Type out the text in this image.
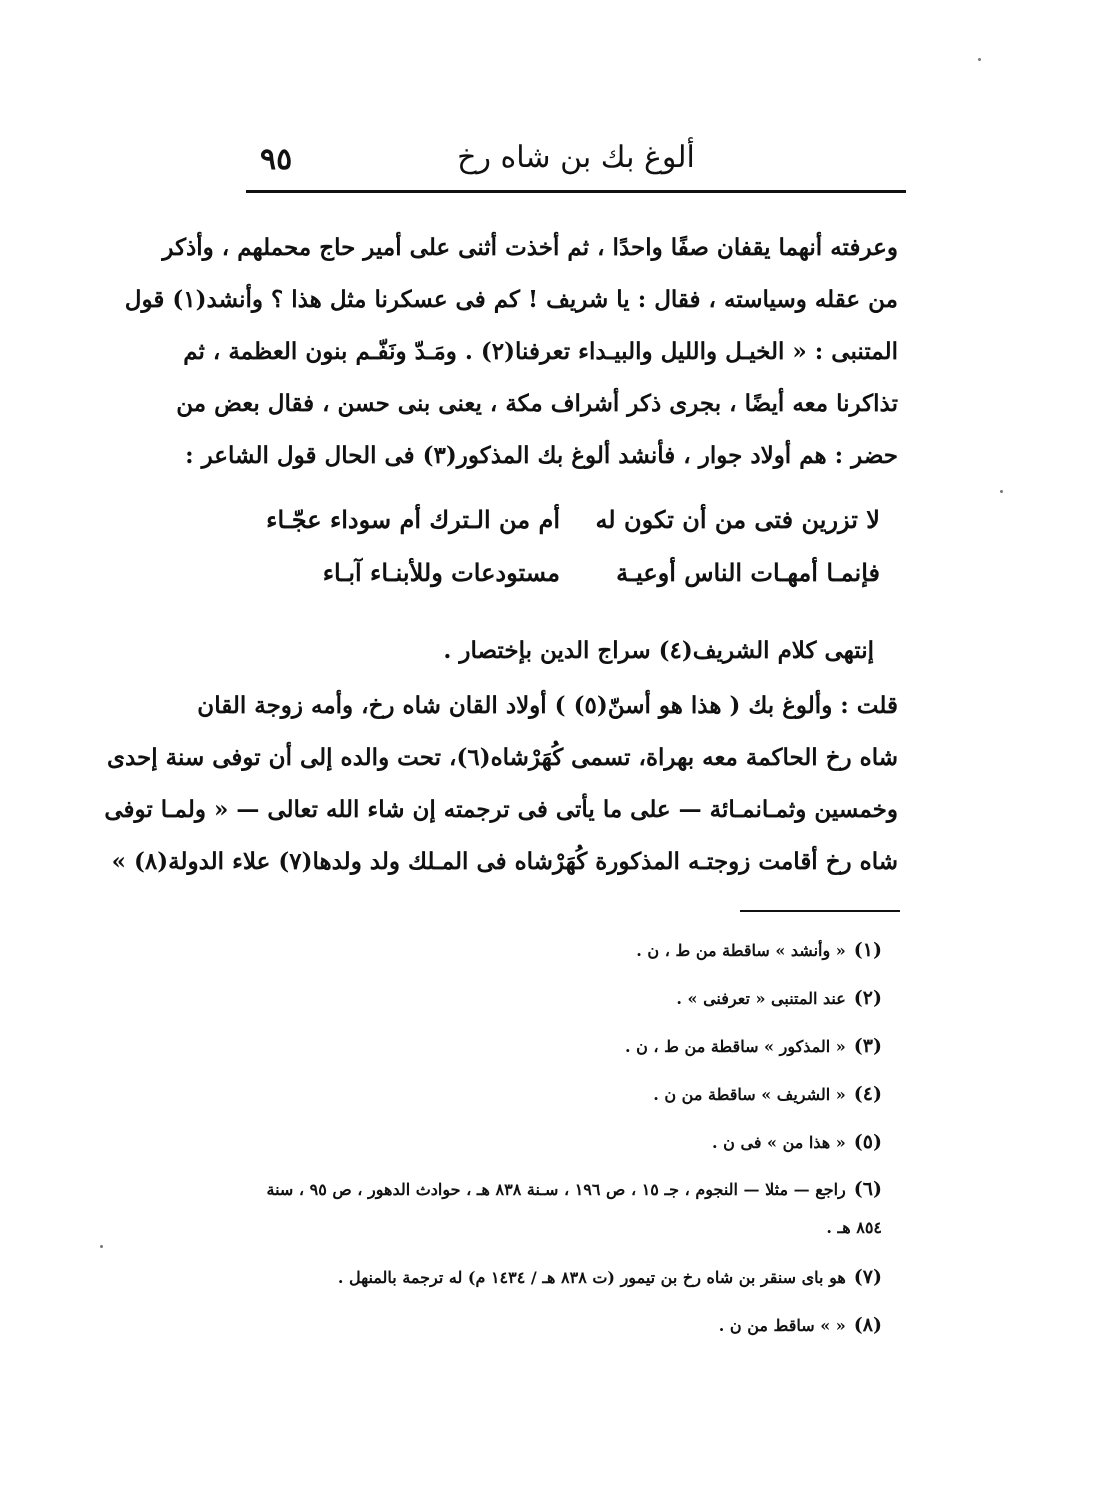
٩٥	ألوغ بك بن شاه رخ
وعرفته أنهما يقفان صفًا واحدًا ، ثم أخذت أثنى على أمير حاج محملهم ، وأذكر
من عقله وسياسته ، فقال : يا شريف ! كم فى عسكرنا مثل هذا ؟ وأنشد(١) قول
المتنبى : « الخيـل والليل والبيـداء تعرفنا(٢) . ومَـدّ ونَفّـم بنون العظمة ، ثم
تذاكرنا معه أيضًا ، بجرى ذكر أشراف مكة ، يعنى بنى حسن ، فقال بعض من
حضر : هم أولاد جوار ، فأنشد ألوغ بك المذكور(٣) فى الحال قول الشاعر :
لا تزرين فتى من أن تكون له
أم من الـترك أم سوداء عجّـاء
فإنمـا أمهـات الناس أوعيـة
مستودعات وللأبنـاء آبـاء
إنتهى كلام الشريف(٤) سراج الدين بإختصار .
قلت : وألوغ بك ( هذا هو أسنّ(٥) ) أولاد القان شاه رخ، وأمه زوجة القان
شاه رخ الحاكمة معه بهراة، تسمى كُهَرْشاه(٦)، تحت والده إلى أن توفى سنة إحدى
وخمسين وثمـانمـائة — على ما يأتى فى ترجمته إن شاء الله تعالى — « ولمـا توفى
شاه رخ أقامت زوجتـه المذكورة كُهَرْشاه فى المـلك ولد ولدها(٧) علاء الدولة(٨) »
(١)« وأنشد » ساقطة من ط ، ن .
(٢)عند المتنبى « تعرفنى » .
(٣)« المذكور » ساقطة من ط ، ن .
(٤)« الشريف » ساقطة من ن .
(٥)« هذا من » فى ن .
(٦)راجع — مثلا — النجوم ، جـ ١٥ ، ص ١٩٦ ، سـنة ٨٣٨ هـ ، حوادث الدهور ، ص ٩٥ ، سنة ٨٥٤ هـ .
(٧)هو بای سنقر بن شاه رخ بن تیمور (ت ٨٣٨ هـ / ١٤٣٤ م) له ترجمة بالمنهل .
(٨)« » ساقط من ن .
